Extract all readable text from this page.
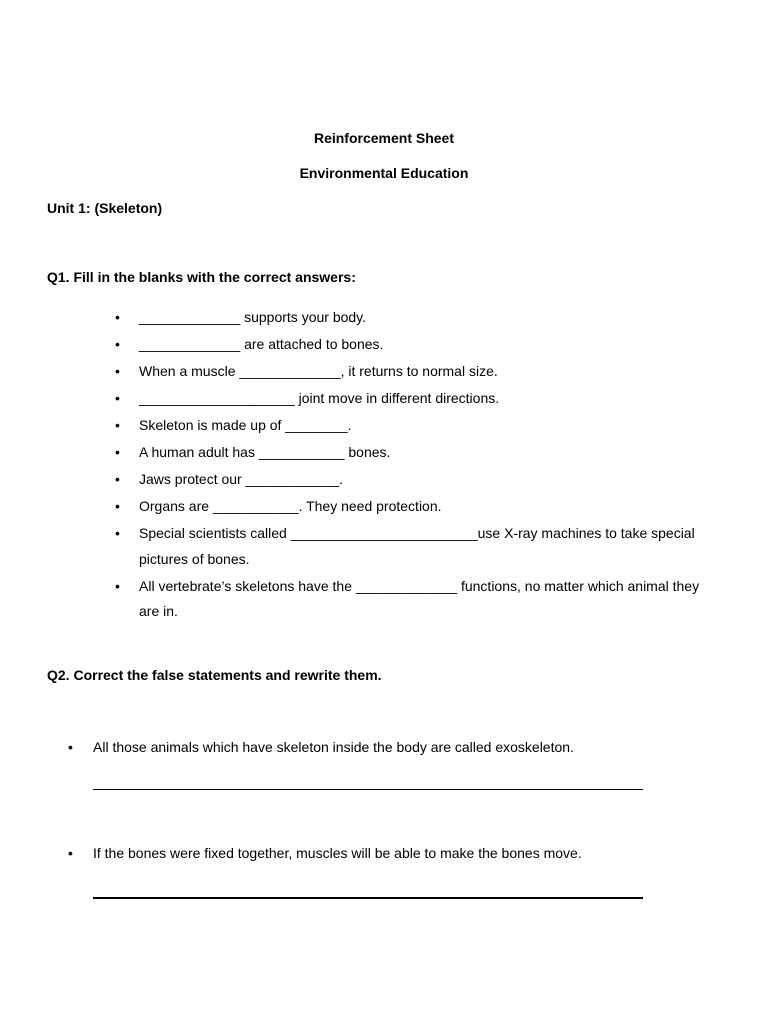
Reinforcement Sheet
Environmental Education
Unit 1: (Skeleton)
Q1. Fill in the blanks with the correct answers:
• _____________ supports your body.
• _____________ are attached to bones.
• When a muscle _____________, it returns to normal size.
• ____________________ joint move in different directions.
• Skeleton is made up of ________.
• A human adult has ___________ bones.
• Jaws protect our ____________.
• Organs are ___________. They need protection.
• Special scientists called ________________________use X-ray machines to take special pictures of bones.
• All vertebrate’s skeletons have the _____________ functions, no matter which animal they are in.
Q2. Correct the false statements and rewrite them.
• All those animals which have skeleton inside the body are called exoskeleton.
• If the bones were fixed together, muscles will be able to make the bones move.
